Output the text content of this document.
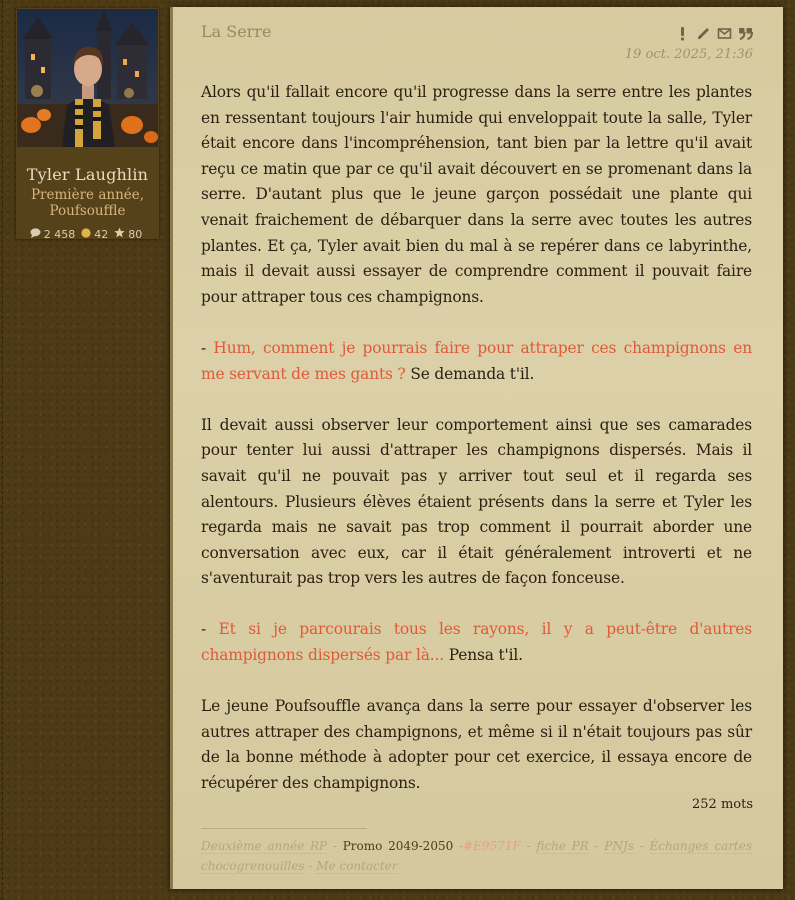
Tyler Laughlin
Première année,
Poufsouffle
2 458 42 80
La Serre
19 oct. 2025, 21:36

Alors qu'il fallait encore qu'il progresse dans la serre entre les plantes en ressentant toujours l'air humide qui enveloppait toute la salle, Tyler était encore dans l'incompréhension, tant bien par la lettre qu'il avait reçu ce matin que par ce qu'il avait découvert en se promenant dans la serre. D'autant plus que le jeune garçon possédait une plante qui venait fraichement de débarquer dans la serre avec toutes les autres plantes. Et ça, Tyler avait bien du mal à se repérer dans ce labyrinthe, mais il devait aussi essayer de comprendre comment il pouvait faire pour attraper tous ces champignons.

- Hum, comment je pourrais faire pour attraper ces champignons en me servant de mes gants ? Se demanda t'il.

Il devait aussi observer leur comportement ainsi que ses camarades pour tenter lui aussi d'attraper les champignons dispersés. Mais il savait qu'il ne pouvait pas y arriver tout seul et il regarda ses alentours. Plusieurs élèves étaient présents dans la serre et Tyler les regarda mais ne savait pas trop comment il pourrait aborder une conversation avec eux, car il était généralement introverti et ne s'aventurait pas trop vers les autres de façon fonceuse.

- Et si je parcourais tous les rayons, il y a peut-être d'autres champignons dispersés par là... Pensa t'il.

Le jeune Poufsouffle avança dans la serre pour essayer d'observer les autres attraper des champignons, et même si il n'était toujours pas sûr de la bonne méthode à adopter pour cet exercice, il essaya encore de récupérer des champignons.

252 mots
Deuxième année RP - Promo 2049-2050 -#E9571F - fiche PR - PNJs - Échanges cartes chocogrenouilles - Me contacter
